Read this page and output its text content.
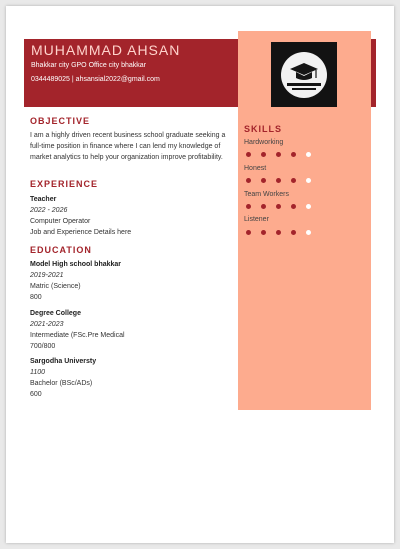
MUHAMMAD AHSAN
Bhakkar city GPO Office city bhakkar
0344489025 | ahsansial2022@gmail.com
OBJECTIVE
I am a highly driven recent business school graduate seeking a full-time position in finance where I can lend my knowledge of market analytics to help your organization improve profitability.
EXPERIENCE
Teacher
2022 - 2026
Computer Operator
Job and Experience Details here
EDUCATION
Model High school bhakkar
2019-2021
Matric (Science)
800
Degree College
2021-2023
Intermediate (FSc.Pre Medical
700/800
Sargodha Universty
1100
Bachelor (BSc/ADs)
600
SKILLS
Hardworking
Honest
Team Workers
Listener
